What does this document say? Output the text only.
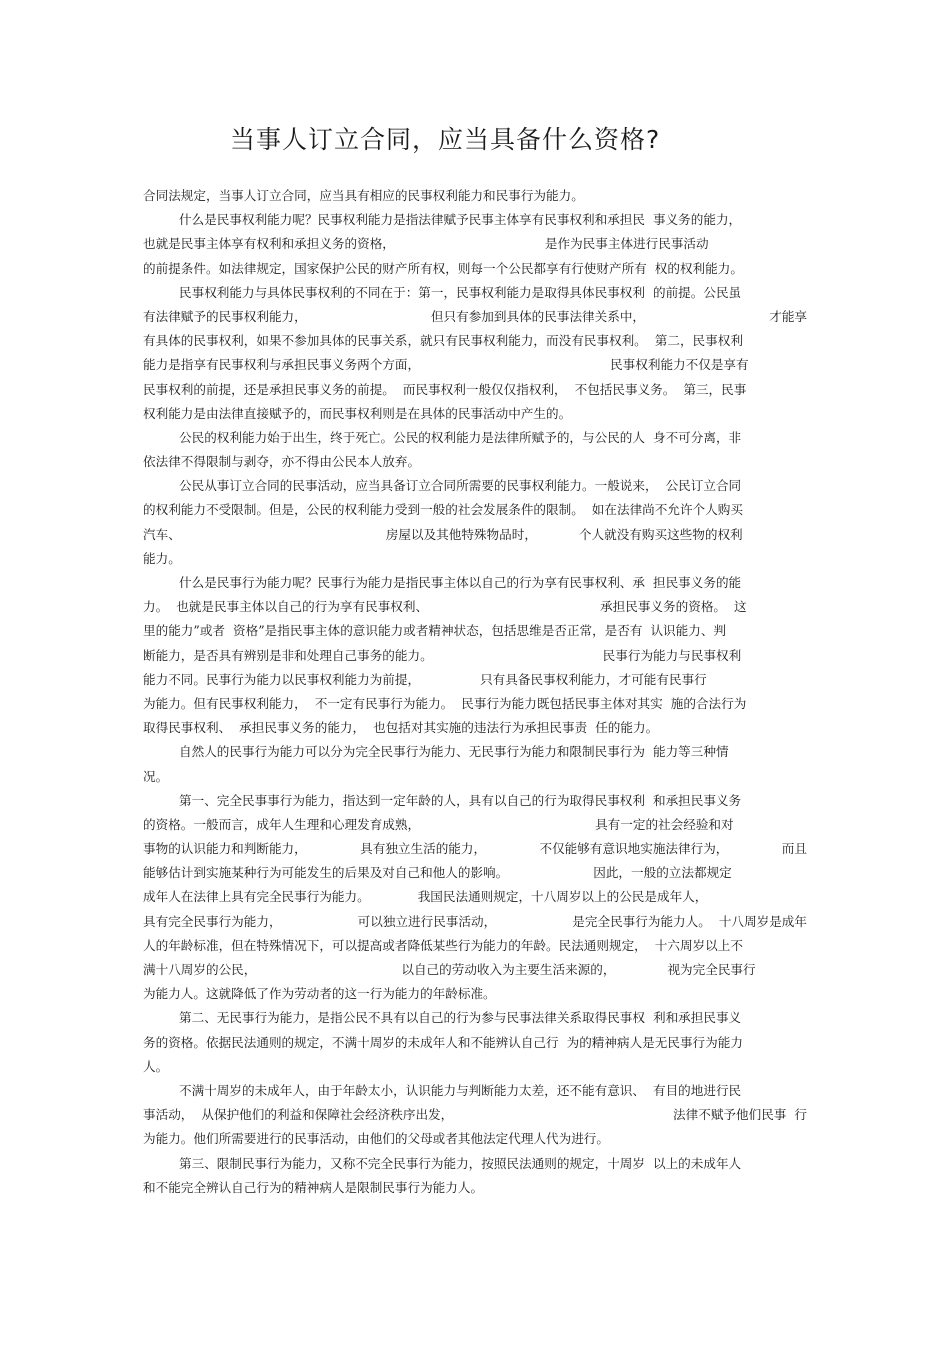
当事人订立合同，应当具备什么资格?
合同法规定，当事人订立合同，应当具有相应的民事权利能力和民事行为能力。
什么是民事权利能力呢？民事权利能力是指法律赋予民事主体享有民事权利和承担民  事义务的能力，
也就是民事主体享有权利和承担义务的资格，	是作为民事主体进行民事活动
的前提条件。如法律规定，国家保护公民的财产所有权，则每一个公民都享有行使财产所有  权的权利能力。
民事权利能力与具体民事权利的不同在于：第一，民事权利能力是取得具体民事权利  的前提。公民虽
有法律赋予的民事权利能力，	但只有参加到具体的民事法律关系中，	才能享
有具体的民事权利，如果不参加具体的民事关系，就只有民事权利能力，而没有民事权利。  第二，民事权利
能力是指享有民事权利与承担民事义务两个方面，	民事权利能力不仅是享有
民事权利的前提，还是承担民事义务的前提。  而民事权利一般仅仅指权利，  不包括民事义务。  第三，民事
权利能力是由法律直接赋予的，而民事权利则是在具体的民事活动中产生的。
公民的权利能力始于出生，终于死亡。公民的权利能力是法律所赋予的，与公民的人  身不可分离，非
依法律不得限制与剥夺，亦不得由公民本人放弃。
公民从事订立合同的民事活动，应当具备订立合同所需要的民事权利能力。一般说来，  公民订立合同
的权利能力不受限制。但是，公民的权利能力受到一般的社会发展条件的限制。  如在法律尚不允许个人购买
汽车、	房屋以及其他特殊物品时，	个人就没有购买这些物的权利
能力。
什么是民事行为能力呢？民事行为能力是指民事主体以自己的行为享有民事权利、承  担民事义务的能
力。  也就是民事主体以自己的行为享有民事权利、	承担民事义务的资格。  这
里的能力”或者  资格”是指民事主体的意识能力或者精神状态，包括思维是否正常，是否有  认识能力、判
断能力，是否具有辨别是非和处理自己事务的能力。	民事行为能力与民事权利
能力不同。民事行为能力以民事权利能力为前提，	只有具备民事权利能力，才可能有民事行
为能力。但有民事权利能力，  不一定有民事行为能力。  民事行为能力既包括民事主体对其实  施的合法行为
取得民事权利、  承担民事义务的能力，  也包括对其实施的违法行为承担民事责  任的能力。
自然人的民事行为能力可以分为完全民事行为能力、无民事行为能力和限制民事行为  能力等三种情
况。
第一、完全民事事行为能力，指达到一定年龄的人，具有以自己的行为取得民事权利  和承担民事义务
的资格。一般而言，成年人生理和心理发育成熟，	具有一定的社会经验和对
事物的认识能力和判断能力，	具有独立生活的能力，	不仅能够有意识地实施法律行为，	而且
能够估计到实施某种行为可能发生的后果及对自己和他人的影响。	因此，一般的立法都规定
成年人在法律上具有完全民事行为能力。	我国民法通则规定，十八周岁以上的公民是成年人，
具有完全民事行为能力，	可以独立进行民事活动，	是完全民事行为能力人。  十八周岁是成年
人的年龄标准，但在特殊情况下，可以提高或者降低某些行为能力的年龄。民法通则规定，  十六周岁以上不
满十八周岁的公民，	以自己的劳动收入为主要生活来源的，	视为完全民事行
为能力人。这就降低了作为劳动者的这一行为能力的年龄标准。
第二、无民事行为能力，是指公民不具有以自己的行为参与民事法律关系取得民事权  利和承担民事义
务的资格。依据民法通则的规定，不满十周岁的未成年人和不能辨认自己行  为的精神病人是无民事行为能力
人。
不满十周岁的未成年人，由于年龄太小，认识能力与判断能力太差，还不能有意识、  有目的地进行民
事活动，  从保护他们的利益和保障社会经济秩序出发，	法律不赋予他们民事  行
为能力。他们所需要进行的民事活动，由他们的父母或者其他法定代理人代为进行。
第三、限制民事行为能力，又称不完全民事行为能力，按照民法通则的规定，十周岁  以上的未成年人
和不能完全辨认自己行为的精神病人是限制民事行为能力人。
